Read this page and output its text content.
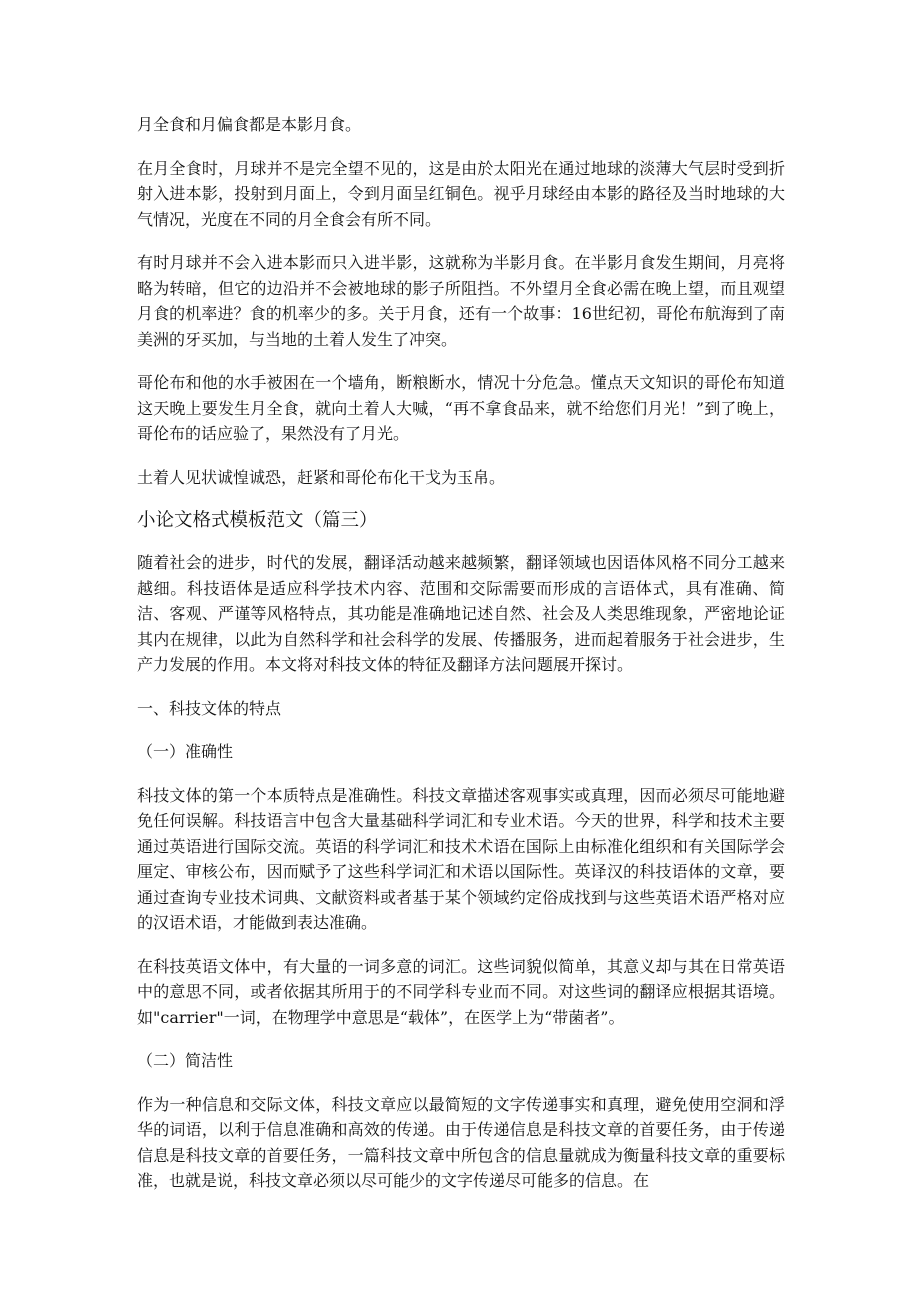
月全食和月偏食都是本影月食。

在月全食时，月球并不是完全望不见的，这是由於太阳光在通过地球的淡薄大气层时受到折射入进本影，投射到月面上，令到月面呈红铜色。视乎月球经由本影的路径及当时地球的大气情况，光度在不同的月全食会有所不同。

有时月球并不会入进本影而只入进半影，这就称为半影月食。在半影月食发生期间，月亮将略为转暗，但它的边沿并不会被地球的影子所阻挡。不外望月全食必需在晚上望，而且观望月食的机率进？食的机率少的多。关于月食，还有一个故事：16世纪初，哥伦布航海到了南美洲的牙买加，与当地的土着人发生了冲突。

哥伦布和他的水手被困在一个墙角，断粮断水，情况十分危急。懂点天文知识的哥伦布知道这天晚上要发生月全食，就向土着人大喊，“再不拿食品来，就不给您们月光！”到了晚上，哥伦布的话应验了，果然没有了月光。

土着人见状诚惶诚恐，赶紧和哥伦布化干戈为玉帛。

小论文格式模板范文（篇三）

随着社会的进步，时代的发展，翻译活动越来越频繁，翻译领域也因语体风格不同分工越来越细。科技语体是适应科学技术内容、范围和交际需要而形成的言语体式，具有准确、简洁、客观、严谨等风格特点，其功能是准确地记述自然、社会及人类思维现象，严密地论证其内在规律，以此为自然科学和社会科学的发展、传播服务，进而起着服务于社会进步，生产力发展的作用。本文将对科技文体的特征及翻译方法问题展开探讨。

一、科技文体的特点

（一）准确性

科技文体的第一个本质特点是准确性。科技文章描述客观事实或真理，因而必须尽可能地避免任何误解。科技语言中包含大量基础科学词汇和专业术语。今天的世界，科学和技术主要通过英语进行国际交流。英语的科学词汇和技术术语在国际上由标准化组织和有关国际学会厘定、审核公布，因而赋予了这些科学词汇和术语以国际性。英译汉的科技语体的文章，要通过查询专业技术词典、文献资料或者基于某个领域约定俗成找到与这些英语术语严格对应的汉语术语，才能做到表达准确。

在科技英语文体中，有大量的一词多意的词汇。这些词貌似简单，其意义却与其在日常英语中的意思不同，或者依据其所用于的不同学科专业而不同。对这些词的翻译应根据其语境。如"carrier"一词，在物理学中意思是“载体”，在医学上为“带菌者”。

（二）简洁性

作为一种信息和交际文体，科技文章应以最简短的文字传递事实和真理，避免使用空洞和浮华的词语，以利于信息准确和高效的传递。由于传递信息是科技文章的首要任务，由于传递信息是科技文章的首要任务，一篇科技文章中所包含的信息量就成为衡量科技文章的重要标准，也就是说，科技文章必须以尽可能少的文字传递尽可能多的信息。在
